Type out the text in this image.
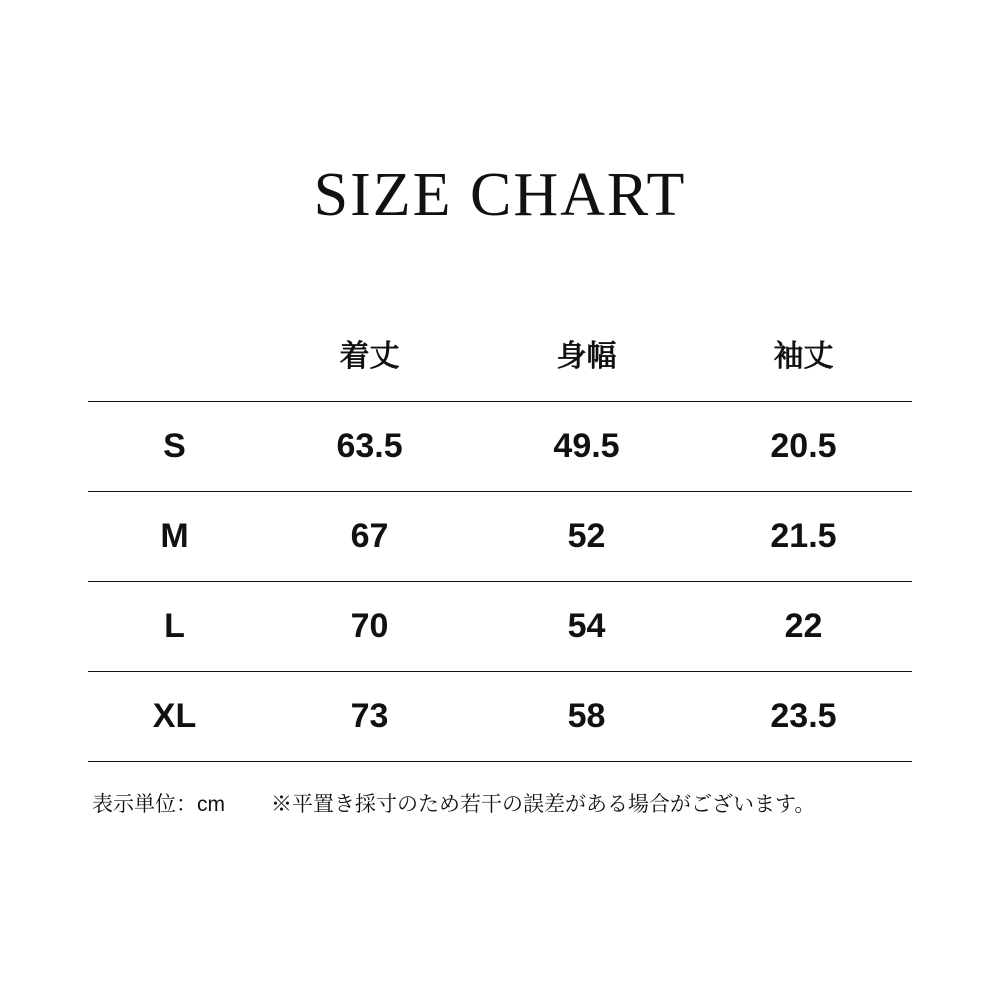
SIZE CHART
	着丈	身幅	袖丈
S	63.5	49.5	20.5
M	67	52	21.5
L	70	54	22
XL	73	58	23.5
表示単位：cm ※平置き採寸のため若干の誤差がある場合がございます。
